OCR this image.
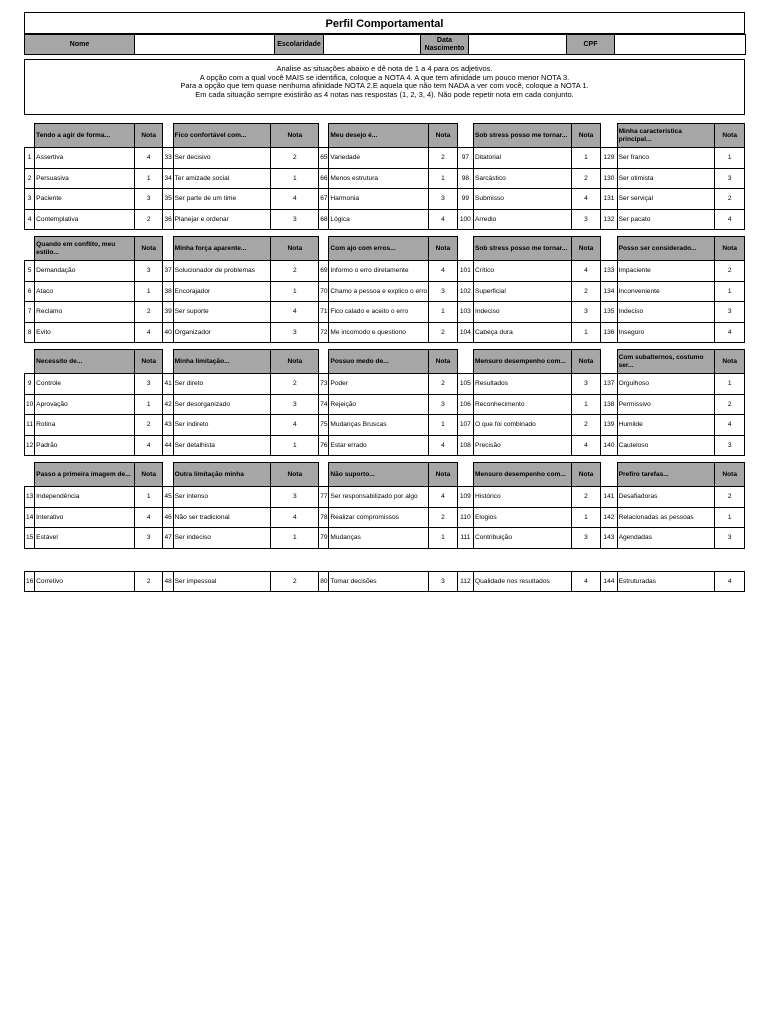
Perfil Comportamental
Nome		Escolaridade		Data Nascimento		CPF	
Analise as situações abaixo e dê nota de 1 a 4 para os adjetivos.
A opção com a qual você MAIS se identifica, coloque a NOTA 4. A que tem afinidade um pouco menor NOTA 3.
Para a opção que tem quase nenhuma afinidade NOTA 2.E aquela que não tem NADA a ver com você, coloque a NOTA 1.
Em cada situação sempre existirão as 4 notas nas respostas (1, 2, 3, 4). Não pode repetir nota em cada conjunto.
	Tendo a agir de forma...	Nota		Fico confortável com...	Nota		Meu desejo é...	Nota		Sob stress posso me tornar...	Nota		Minha característica principal...	Nota
1	Assertiva	4	33	Ser decisivo	2	65	Variedade	2	97	Ditatorial	1	129	Ser franco	1
2	Persuasiva	1	34	Ter amizade social	1	66	Menos estrutura	1	98	Sarcástico	2	130	Ser otimista	3
3	Paciente	3	35	Ser parte de um time	4	67	Harmonia	3	99	Submisso	4	131	Ser serviçal	2
4	Contemplativa	2	36	Planejar e ordenar	3	68	Lógica	4	100	Arredio	3	132	Ser pacato	4
	Quando em conflito, meu estilo...	Nota		Minha força aparente...	Nota		Com ajo com erros...	Nota		Sob stress posso me tornar...	Nota		Posso ser considerado...	Nota
5	Demandação	3	37	Solucionador de problemas	2	69	Informo o erro diretamente	4	101	Crítico	4	133	Impaciente	2
6	Ataco	1	38	Encorajador	1	70	Chamo a pessoa e explico o erro	3	102	Superficial	2	134	Inconveniente	1
7	Reclamo	2	39	Ser suporte	4	71	Fico calado e aceito o erro	1	103	Indeciso	3	135	Indeciso	3
8	Evito	4	40	Organizador	3	72	Me incomodo e questiono	2	104	Cabeça dura	1	136	Inseguro	4
	Necessito de...	Nota		Minha limitação...	Nota		Possuo medo de...	Nota		Mensuro desempenho com...	Nota		Com subalternos, costumo ser...	Nota
9	Controle	3	41	Ser direto	2	73	Poder	2	105	Resultados	3	137	Orgulhoso	1
10	Aprovação	1	42	Ser desorganizado	3	74	Rejeição	3	106	Reconhecimento	1	138	Permissivo	2
11	Rotina	2	43	Ser indireto	4	75	Mudanças Bruscas	1	107	O que foi combinado	2	139	Humilde	4
12	Padrão	4	44	Ser detalhista	1	76	Estar errado	4	108	Precisão	4	140	Cauteloso	3
	Passo a primeira imagem de...	Nota		Outra limitação minha	Nota		Não suporto...	Nota		Mensuro desempenho com...	Nota		Prefiro tarefas...	Nota
13	Independência	1	45	Ser intenso	3	77	Ser responsabilizado por algo	4	109	Histórico	2	141	Desafiadoras	2
14	Interativo	4	46	Não ser tradicional	4	78	Realizar compromissos	2	110	Elogios	1	142	Relacionadas as pessoas	1
15	Estável	3	47	Ser indeciso	1	79	Mudanças	1	111	Contribuição	3	143	Agendadas	3
16	Corretivo	2	48	Ser impessoal	2	80	Tomar decisões	3	112	Qualidade nos resultados	4	144	Estruturadas	4
